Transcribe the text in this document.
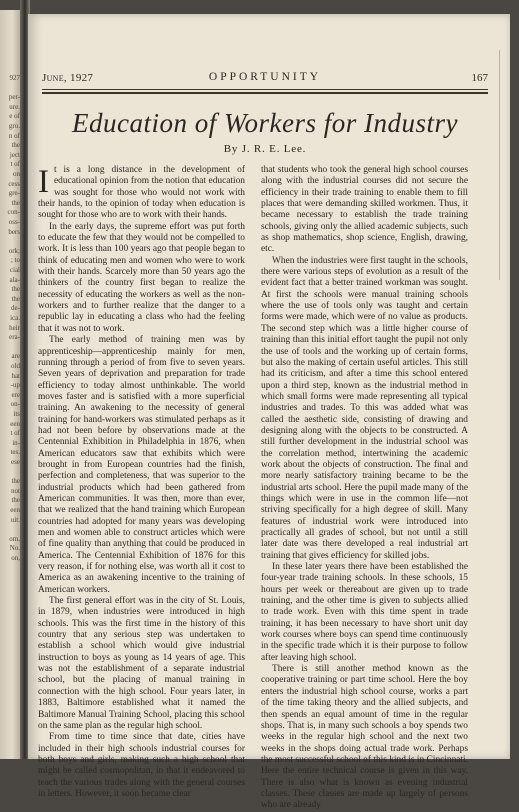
927
per-
ure.
e of
gro.
n of
the
ject
t of
on
cess
gre-
the
con-
oss-
bers
ork;
; to
cial
ala-
the
the
de-
ica.
heir
era-
are
old
hat
-up
ere
on-
its
een
t of
in-
tes.
ese
the
not
the
een
uit.
om,
No.
on,
June, 1927	OPPORTUNITY	167
Education of Workers for Industry
By J. R. E. Lee.

It is a long distance in the development of educational opinion from the notion that education was sought for those who would not work with their hands, to the opinion of today when education is sought for those who are to work with their hands.

In the early days, the supreme effort was put forth to educate the few that they would not be compelled to work. It is less than 100 years ago that people began to think of educating men and women who were to work with their hands. Scarcely more than 50 years ago the thinkers of the country first began to realize the necessity of educating the workers as well as the non-workers and to further realize that the danger to a republic lay in educating a class who had the feeling that it was not to work.

The early method of training men was by apprenticeship—apprenticeship mainly for men, running through a period of from five to seven years. Seven years of deprivation and preparation for trade efficiency to today almost unthinkable. The world moves faster and is satisfied with a more superficial training. An awakening to the necessity of general training for hand-workers was stimulated perhaps as it had not been before by observations made at the Centennial Exhibition in Philadelphia in 1876, when American educators saw that exhibits which were brought in from European countries had the finish, perfection and completeness, that was superior to the industrial products which had been gathered from American communities. It was then, more than ever, that we realized that the hand training which European countries had adopted for many years was developing men and women able to construct articles which were of fine quality than anything that could be produced in America. The Centennial Exhibition of 1876 for this very reason, if for nothing else, was worth all it cost to America as an awakening incentive to the training of American workers.

The first general effort was in the city of St. Louis, in 1879, when industries were introduced in high schools. This was the first time in the history of this country that any serious step was undertaken to establish a school which would give industrial instruction to boys as young as 14 years of age. This was not the establishment of a separate industrial school, but the placing of manual training in connection with the high school. Four years later, in 1883, Baltimore established what it named the Baltimore Manual Training School, placing this school on the same plan as the regular high school.

From time to time since that date, cities have included in their high schools industrial courses for both boys and girls, making such a high school that might be called cosmopolitan, in that it endeavored to teach the various trades along with the general courses in letters. However, it soon became clear

that students who took the general high school courses along with the industrial courses did not secure the efficiency in their trade training to enable them to fill places that were demanding skilled workmen. Thus, it became necessary to establish the trade training schools, giving only the allied academic subjects, such as shop mathematics, shop science, English, drawing, etc.

When the industries were first taught in the schools, there were various steps of evolution as a result of the evident fact that a better trained workman was sought. At first the schools were manual training schools where the use of tools only was taught and certain forms were made, which were of no value as products. The second step which was a little higher course of training than this initial effort taught the pupil not only the use of tools and the working up of certain forms, but also the making of certain useful articles. This still had its criticism, and after a time this school entered upon a third step, known as the industrial method in which small forms were made representing all typical industries and trades. To this was added what was called the aesthetic side, consisting of drawing and designing along with the objects to be constructed. A still further development in the industrial school was the correlation method, intertwining the academic work about the objects of construction. The final and more nearly satisfactory training became to be the industrial arts school. Here the pupil made many of the things which were in use in the common life—not striving specifically for a high degree of skill. Many features of industrial work were introduced into practically all grades of school, but not until a still later date was there developed a real industrial art training that gives efficiency for skilled jobs.

In these later years there have been established the four-year trade training schools. In these schools, 15 hours per week or thereabout are given up to trade training, and the other time is given to subjects allied to trade work. Even with this time spent in trade training, it has been necessary to have short unit day work courses where boys can spend time continuously in the specific trade which it is their purpose to follow after leaving high school.

There is still another method known as the cooperative training or part time school. Here the boy enters the industrial high school course, works a part of the time taking theory and the allied subjects, and then spends an equal amount of time in the regular shops. That is, in many such schools a boy spends two weeks in the regular high school and the next two weeks in the shops doing actual trade work. Perhaps the most successful school of this kind is in Cincinnati. Here the entire technical course is given in this way. There is also what is known as evening industrial classes. These classes are made up largely of persons who are already
